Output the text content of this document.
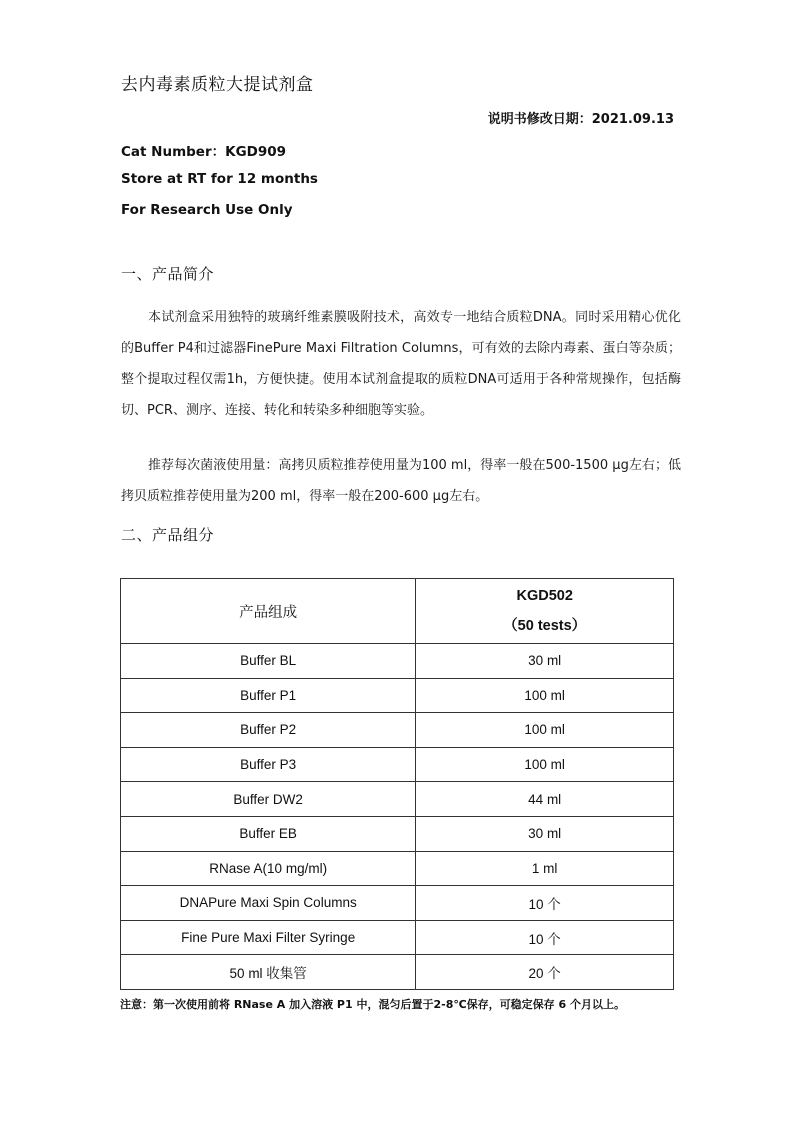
去内毒素质粒大提试剂盒
说明书修改日期：2021.09.13
Cat Number：KGD909
Store at RT for 12 months
For Research Use Only
一、产品简介
本试剂盒采用独特的玻璃纤维素膜吸附技术，高效专一地结合质粒DNA。同时采用精心优化的Buffer P4和过滤器FinePure Maxi Filtration Columns，可有效的去除内毒素、蛋白等杂质；整个提取过程仅需1h，方便快捷。使用本试剂盒提取的质粒DNA可适用于各种常规操作，包括酶切、PCR、测序、连接、转化和转染多种细胞等实验。
推荐每次菌液使用量：高拷贝质粒推荐使用量为100 ml，得率一般在500-1500 μg左右；低拷贝质粒推荐使用量为200 ml，得率一般在200-600 μg左右。
二、产品组分
产品组成	KGD502
（50 tests）

Buffer BL	30 ml
Buffer P1	100 ml
Buffer P2	100 ml
Buffer P3	100 ml
Buffer DW2	44 ml
Buffer EB	30 ml
RNase A(10 mg/ml)	1 ml
DNAPure Maxi Spin Columns	10 个
Fine Pure Maxi Filter Syringe	10 个
50 ml 收集管	20 个
注意：第一次使用前将 RNase A 加入溶液 P1 中，混匀后置于2-8℃保存，可稳定保存 6 个月以上。
